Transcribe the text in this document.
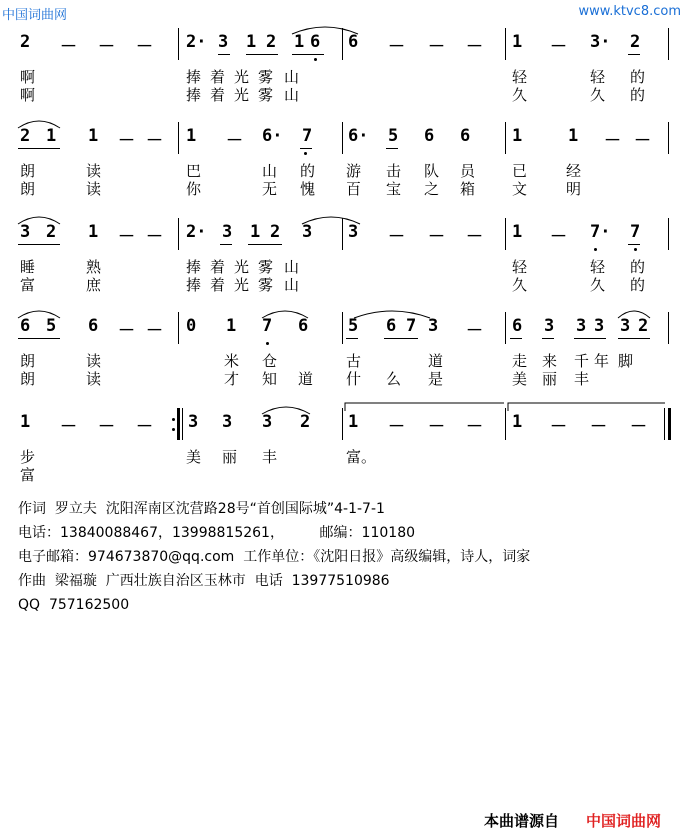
中国词曲网	www.ktvc8.com
2 － － － 2· 3 1 2 1 6 6 － － － 1 － 3· 2
啊	捧 着 光 雾 山	轻	轻 的
啊	捧 着 光 雾 山	久	久 的
2 1 1 － － 1 － 6· 7 6· 5 6 6 1	1 － －
朗	读	巴	山 的 游 击 队 员 已	经
朗	读	你	无 愧 百 宝 之 箱 文	明
3 2 1 － － 2· 3 1 2 3 3 － － － 1 － 7· 7
睡	熟	捧 着 光 雾 山	轻	轻 的
富	庶	捧 着 光 雾 山	久	久 的
6 5 6 － － 0 1 7 6 5 6 7 3 － 6 3 3 3 3 2
朗	读	米 仓	古	道	走 来 千 年 脚
朗	读	才 知 道 什 么 是	美 丽 丰
1 － － － 3 3 3 2 1 － － － 1 － － －
步	美 丽 丰	富。
富
作词  罗立夫  沈阳浑南区沈营路28号“首创国际城”4-1-7-1
电话：13840088467，13998815261，        邮编：110180
电子邮箱：974673870@qq.com  工作单位：《沈阳日报》高级编辑，诗人，词家
作曲  梁福璇  广西壮族自治区玉林市  电话  13977510986
QQ  757162500
本曲谱源自 中国词曲网
